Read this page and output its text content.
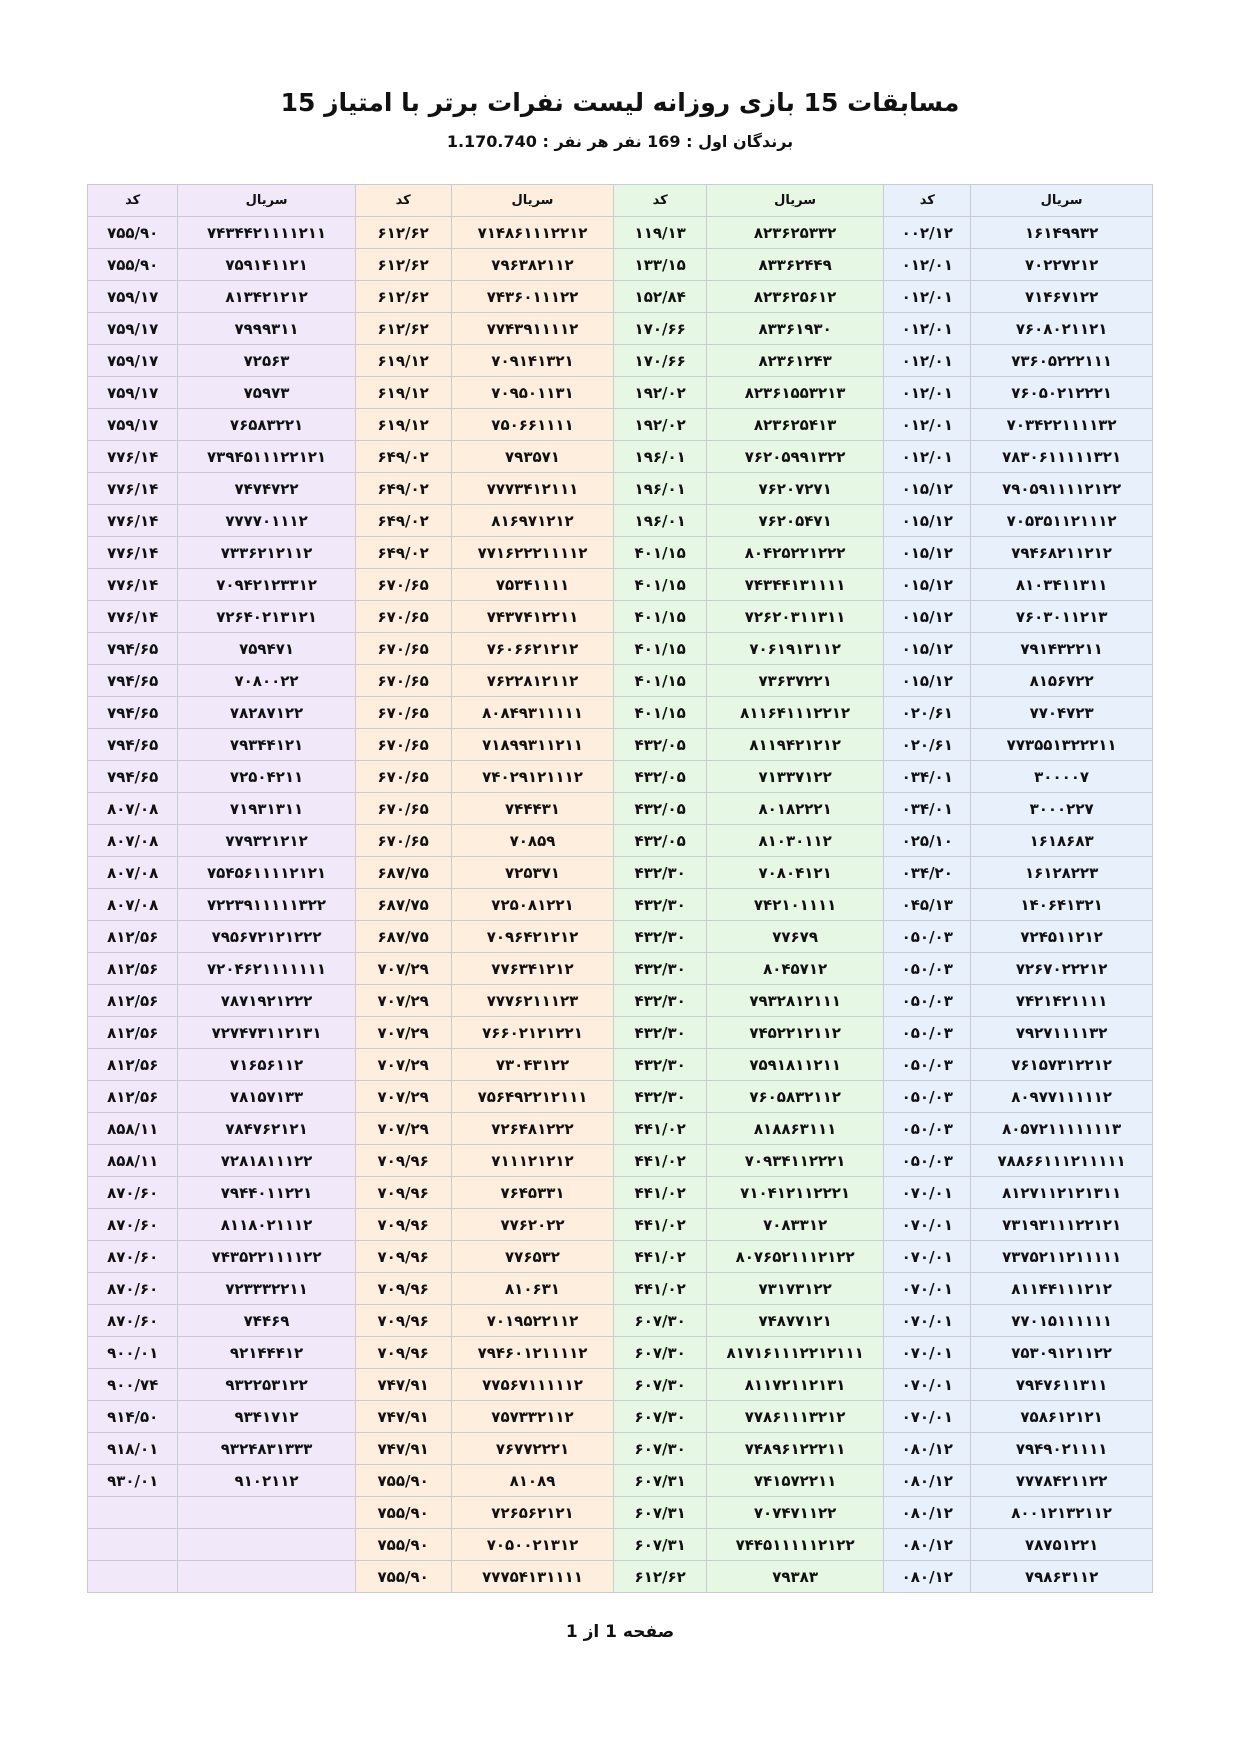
مسابقات 15 بازی روزانه لیست نفرات برتر با امتیاز 15
برندگان اول : 169 نفر هر نفر : 1.170.740
سریال	کد	سریال	کد	سریال	کد	سریال	کد
۱۶۱۴۹۹۳۲	۰۰۲/۱۲	۸۲۳۶۲۵۳۳۲	۱۱۹/۱۳	۷۱۴۸۶۱۱۱۲۲۱۲	۶۱۲/۶۲	۷۴۳۴۴۲۱۱۱۱۲۱۱	۷۵۵/۹۰
۷۰۲۲۷۲۱۲	۰۱۲/۰۱	۸۳۳۶۲۴۴۹	۱۳۳/۱۵	۷۹۶۳۸۲۱۱۲	۶۱۲/۶۲	۷۵۹۱۴۱۱۲۱	۷۵۵/۹۰
۷۱۴۶۷۱۲۲	۰۱۲/۰۱	۸۲۳۶۲۵۶۱۲	۱۵۲/۸۴	۷۴۳۶۰۱۱۱۲۲	۶۱۲/۶۲	۸۱۳۴۲۱۲۱۲	۷۵۹/۱۷
۷۶۰۸۰۲۱۱۲۱	۰۱۲/۰۱	۸۳۳۶۱۹۳۰	۱۷۰/۶۶	۷۷۴۳۹۱۱۱۱۲	۶۱۲/۶۲	۷۹۹۹۳۱۱	۷۵۹/۱۷
۷۳۶۰۵۲۲۲۱۱۱	۰۱۲/۰۱	۸۲۳۶۱۲۴۳	۱۷۰/۶۶	۷۰۹۱۴۱۳۲۱	۶۱۹/۱۲	۷۲۵۶۳	۷۵۹/۱۷
۷۶۰۵۰۲۱۲۲۲۱	۰۱۲/۰۱	۸۲۳۶۱۵۵۳۲۱۳	۱۹۲/۰۲	۷۰۹۵۰۱۱۳۱	۶۱۹/۱۲	۷۵۹۷۳	۷۵۹/۱۷
۷۰۳۴۲۲۱۱۱۱۳۲	۰۱۲/۰۱	۸۲۳۶۲۵۴۱۳	۱۹۲/۰۲	۷۵۰۶۶۱۱۱۱	۶۱۹/۱۲	۷۶۵۸۳۲۲۱	۷۵۹/۱۷
۷۸۳۰۶۱۱۱۱۱۳۲۱	۰۱۲/۰۱	۷۶۲۰۵۹۹۱۳۲۲	۱۹۶/۰۱	۷۹۳۵۷۱	۶۴۹/۰۲	۷۳۹۴۵۱۱۱۲۲۱۲۱	۷۷۶/۱۴
۷۹۰۵۹۱۱۱۱۲۱۲۲	۰۱۵/۱۲	۷۶۲۰۷۲۷۱	۱۹۶/۰۱	۷۷۷۳۴۱۲۱۱۱	۶۴۹/۰۲	۷۴۷۴۷۲۲	۷۷۶/۱۴
۷۰۵۳۵۱۱۲۱۱۱۲	۰۱۵/۱۲	۷۶۲۰۵۴۷۱	۱۹۶/۰۱	۸۱۶۹۷۱۲۱۲	۶۴۹/۰۲	۷۷۷۷۰۱۱۱۲	۷۷۶/۱۴
۷۹۴۶۸۲۱۱۲۱۲	۰۱۵/۱۲	۸۰۴۲۵۲۲۱۲۲۲	۴۰۱/۱۵	۷۷۱۶۲۲۲۱۱۱۱۲	۶۴۹/۰۲	۷۳۳۶۲۱۲۱۱۲	۷۷۶/۱۴
۸۱۰۳۴۱۱۳۱۱	۰۱۵/۱۲	۷۴۳۴۴۱۳۱۱۱۱	۴۰۱/۱۵	۷۵۳۴۱۱۱۱	۶۷۰/۶۵	۷۰۹۴۲۱۲۳۳۱۲	۷۷۶/۱۴
۷۶۰۳۰۱۱۲۱۳	۰۱۵/۱۲	۷۲۶۲۰۳۱۱۳۱۱	۴۰۱/۱۵	۷۴۳۷۴۱۲۲۱۱	۶۷۰/۶۵	۷۲۶۴۰۲۱۳۱۲۱	۷۷۶/۱۴
۷۹۱۴۳۲۲۱۱	۰۱۵/۱۲	۷۰۶۱۹۱۳۱۱۲	۴۰۱/۱۵	۷۶۰۶۶۲۱۲۱۲	۶۷۰/۶۵	۷۵۹۴۷۱	۷۹۴/۶۵
۸۱۵۶۷۲۲	۰۱۵/۱۲	۷۳۶۳۷۲۲۱	۴۰۱/۱۵	۷۶۲۲۸۱۲۱۱۲	۶۷۰/۶۵	۷۰۸۰۰۲۲	۷۹۴/۶۵
۷۷۰۴۷۲۳	۰۲۰/۶۱	۸۱۱۶۴۱۱۱۲۲۱۲	۴۰۱/۱۵	۸۰۸۴۹۳۱۱۱۱۱	۶۷۰/۶۵	۷۸۲۸۷۱۲۲	۷۹۴/۶۵
۷۷۳۵۵۱۳۲۲۲۱۱	۰۲۰/۶۱	۸۱۱۹۴۲۱۲۱۲	۴۳۲/۰۵	۷۱۸۹۹۳۱۱۲۱۱	۶۷۰/۶۵	۷۹۳۴۴۱۲۱	۷۹۴/۶۵
۳۰۰۰۰۷	۰۳۴/۰۱	۷۱۳۳۷۱۲۲	۴۳۲/۰۵	۷۴۰۲۹۱۲۱۱۱۲	۶۷۰/۶۵	۷۲۵۰۴۲۱۱	۷۹۴/۶۵
۳۰۰۰۲۲۷	۰۳۴/۰۱	۸۰۱۸۲۲۲۱	۴۳۲/۰۵	۷۴۴۴۳۱	۶۷۰/۶۵	۷۱۹۳۱۳۱۱	۸۰۷/۰۸
۱۶۱۸۶۸۳	۰۲۵/۱۰	۸۱۰۳۰۱۱۲	۴۳۲/۰۵	۷۰۸۵۹	۶۷۰/۶۵	۷۷۹۳۲۱۲۱۲	۸۰۷/۰۸
۱۶۱۲۸۲۲۳	۰۳۴/۲۰	۷۰۸۰۴۱۲۱	۴۳۲/۳۰	۷۲۵۳۷۱	۶۸۷/۷۵	۷۵۴۵۶۱۱۱۱۲۱۲۱	۸۰۷/۰۸
۱۴۰۶۴۱۳۲۱	۰۴۵/۱۳	۷۴۲۱۰۱۱۱۱	۴۳۲/۳۰	۷۲۵۰۸۱۲۲۱	۶۸۷/۷۵	۷۲۲۳۹۱۱۱۱۱۳۲۲	۸۰۷/۰۸
۷۲۴۵۱۱۲۱۲	۰۵۰/۰۳	۷۷۶۷۹	۴۳۲/۳۰	۷۰۹۶۴۲۱۲۱۲	۶۸۷/۷۵	۷۹۵۶۷۲۱۲۱۲۲۲	۸۱۲/۵۶
۷۲۶۷۰۲۲۲۱۲	۰۵۰/۰۳	۸۰۴۵۷۱۲	۴۳۲/۳۰	۷۷۶۳۴۱۲۱۲	۷۰۷/۲۹	۷۲۰۴۶۲۱۱۱۱۱۱۱	۸۱۲/۵۶
۷۴۲۱۴۲۱۱۱۱	۰۵۰/۰۳	۷۹۳۲۸۱۲۱۱۱	۴۳۲/۳۰	۷۷۷۶۲۱۱۱۲۳	۷۰۷/۲۹	۷۸۷۱۹۲۱۲۲۲	۸۱۲/۵۶
۷۹۲۷۱۱۱۱۳۲	۰۵۰/۰۳	۷۴۵۲۲۱۲۱۱۲	۴۳۲/۳۰	۷۶۶۰۲۱۲۱۲۲۱	۷۰۷/۲۹	۷۲۷۴۷۳۱۱۲۱۳۱	۸۱۲/۵۶
۷۶۱۵۷۳۱۲۲۱۲	۰۵۰/۰۳	۷۵۹۱۸۱۱۲۱۱	۴۳۲/۳۰	۷۳۰۴۳۱۲۲	۷۰۷/۲۹	۷۱۶۵۶۱۱۲	۸۱۲/۵۶
۸۰۹۷۷۱۱۱۱۱۲	۰۵۰/۰۳	۷۶۰۵۸۳۲۱۱۲	۴۳۲/۳۰	۷۵۶۴۹۲۲۱۲۱۱۱	۷۰۷/۲۹	۷۸۱۵۷۱۳۳	۸۱۲/۵۶
۸۰۵۷۲۱۱۱۱۱۱۱۳	۰۵۰/۰۳	۸۱۸۸۶۳۱۱۱	۴۴۱/۰۲	۷۲۶۴۸۱۲۲۲	۷۰۷/۲۹	۷۸۴۷۶۲۱۲۱	۸۵۸/۱۱
۷۸۸۶۶۱۱۱۲۱۱۱۱۱	۰۵۰/۰۳	۷۰۹۳۴۱۱۲۲۲۱	۴۴۱/۰۲	۷۱۱۱۲۱۲۱۲	۷۰۹/۹۶	۷۲۸۱۸۱۱۱۲۲	۸۵۸/۱۱
۸۱۲۷۱۱۲۱۲۱۳۱۱	۰۷۰/۰۱	۷۱۰۴۱۲۱۱۲۲۲۱	۴۴۱/۰۲	۷۶۴۵۳۳۱	۷۰۹/۹۶	۷۹۴۴۰۱۱۲۲۱	۸۷۰/۶۰
۷۳۱۹۳۱۱۱۲۲۱۲۱	۰۷۰/۰۱	۷۰۸۳۳۱۲	۴۴۱/۰۲	۷۷۶۲۰۲۲	۷۰۹/۹۶	۸۱۱۸۰۲۱۱۱۲	۸۷۰/۶۰
۷۳۷۵۲۱۱۲۱۱۱۱۱	۰۷۰/۰۱	۸۰۷۶۵۲۱۱۱۲۱۲۲	۴۴۱/۰۲	۷۷۶۵۳۲	۷۰۹/۹۶	۷۴۳۵۲۲۱۱۱۱۲۲	۸۷۰/۶۰
۸۱۱۴۴۱۱۱۲۱۲	۰۷۰/۰۱	۷۳۱۷۳۱۲۲	۴۴۱/۰۲	۸۱۰۶۳۱	۷۰۹/۹۶	۷۲۳۳۳۲۲۱۱	۸۷۰/۶۰
۷۷۰۱۵۱۱۱۱۱۱	۰۷۰/۰۱	۷۴۸۷۷۱۲۱	۶۰۷/۳۰	۷۰۱۹۵۲۲۱۱۲	۷۰۹/۹۶	۷۴۴۶۹	۸۷۰/۶۰
۷۵۳۰۹۱۲۱۱۲۲	۰۷۰/۰۱	۸۱۷۱۶۱۱۱۲۲۱۲۱۱۱	۶۰۷/۳۰	۷۹۴۶۰۱۲۱۱۱۱۲	۷۰۹/۹۶	۹۲۱۴۴۴۱۲	۹۰۰/۰۱
۷۹۴۷۶۱۱۳۱۱	۰۷۰/۰۱	۸۱۱۷۲۱۱۲۱۳۱	۶۰۷/۳۰	۷۷۵۶۷۱۱۱۱۱۲	۷۴۷/۹۱	۹۳۲۲۵۳۱۲۲	۹۰۰/۷۴
۷۵۸۶۱۲۱۲۱	۰۷۰/۰۱	۷۷۸۶۱۱۱۳۲۱۲	۶۰۷/۳۰	۷۵۷۳۳۲۱۱۲	۷۴۷/۹۱	۹۳۴۱۷۱۲	۹۱۴/۵۰
۷۹۴۹۰۲۱۱۱۱	۰۸۰/۱۲	۷۴۸۹۶۱۲۲۲۱۱	۶۰۷/۳۰	۷۶۷۷۲۲۲۱	۷۴۷/۹۱	۹۳۲۴۸۳۱۳۳۳	۹۱۸/۰۱
۷۷۷۸۴۲۱۱۲۲	۰۸۰/۱۲	۷۴۱۵۷۲۲۱۱	۶۰۷/۳۱	۸۱۰۸۹	۷۵۵/۹۰	۹۱۰۲۱۱۲	۹۳۰/۰۱
۸۰۰۱۲۱۳۲۱۱۲	۰۸۰/۱۲	۷۰۷۴۷۱۱۲۲	۶۰۷/۳۱	۷۲۶۵۶۲۱۲۱	۷۵۵/۹۰		
۷۸۷۵۱۲۲۱	۰۸۰/۱۲	۷۴۴۵۱۱۱۱۱۲۱۲۲	۶۰۷/۳۱	۷۰۵۰۰۲۱۳۱۲	۷۵۵/۹۰		
۷۹۸۶۳۱۱۲	۰۸۰/۱۲	۷۹۳۸۳	۶۱۲/۶۲	۷۷۷۵۴۱۳۱۱۱۱	۷۵۵/۹۰		
صفحه 1 از 1
